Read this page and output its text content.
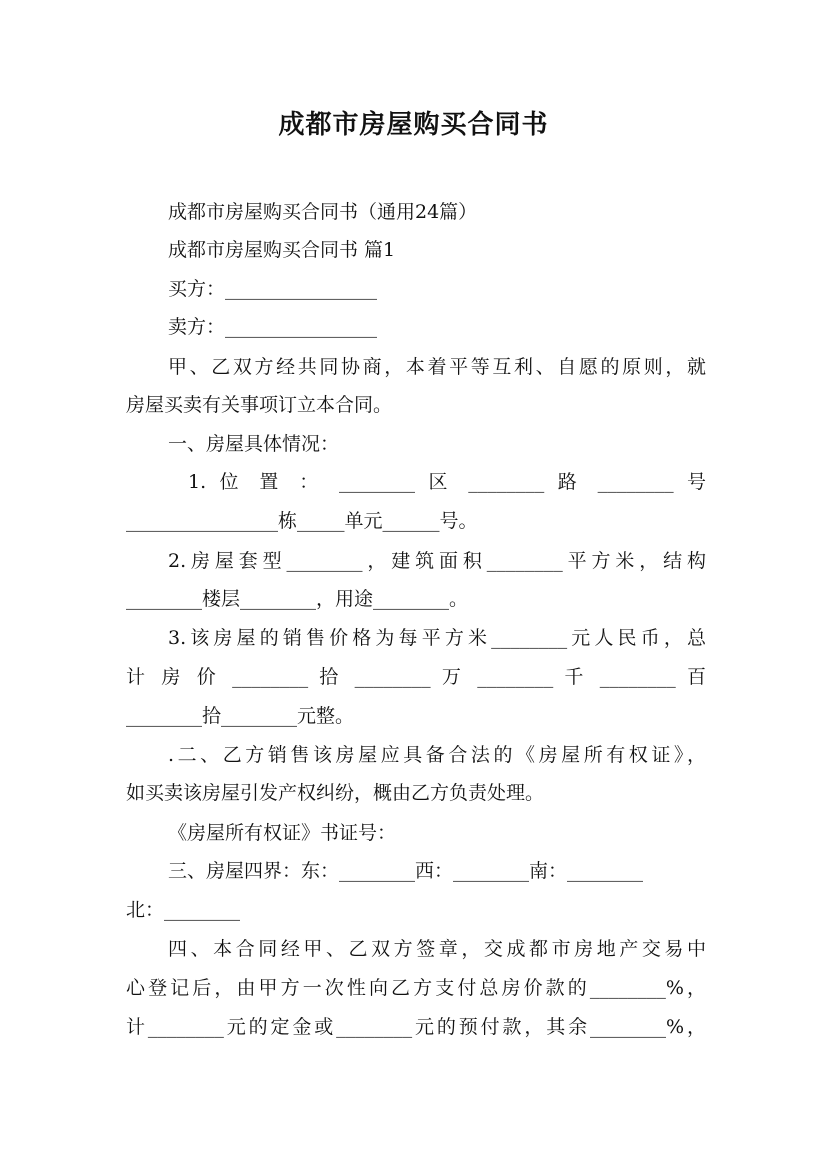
成都市房屋购买合同书
成都市房屋购买合同书（通用24篇）
成都市房屋购买合同书 篇1
买方：________________
卖方：________________
甲、乙双方经共同协商，本着平等互利、自愿的原则，就
房屋买卖有关事项订立本合同。
一、房屋具体情况：
1. 位 置 ： ________ 区 ________ 路 ________ 号
________________栋_____单元______号。
2.房屋套型________，建筑面积________平方米，结构
________楼层________，用途________。
3.该房屋的销售价格为每平方米________元人民币，总
计 房 价 ________ 拾 ________ 万 ________ 千 ________ 百
________拾________元整。
.二、乙方销售该房屋应具备合法的《房屋所有权证》，
如买卖该房屋引发产权纠纷，概由乙方负责处理。
《房屋所有权证》书证号：
三、房屋四界：东：________西：________南：________
北：________
四、本合同经甲、乙双方签章，交成都市房地产交易中
心登记后，由甲方一次性向乙方支付总房价款的________%，
计________元的定金或________元的预付款，其余________%，
